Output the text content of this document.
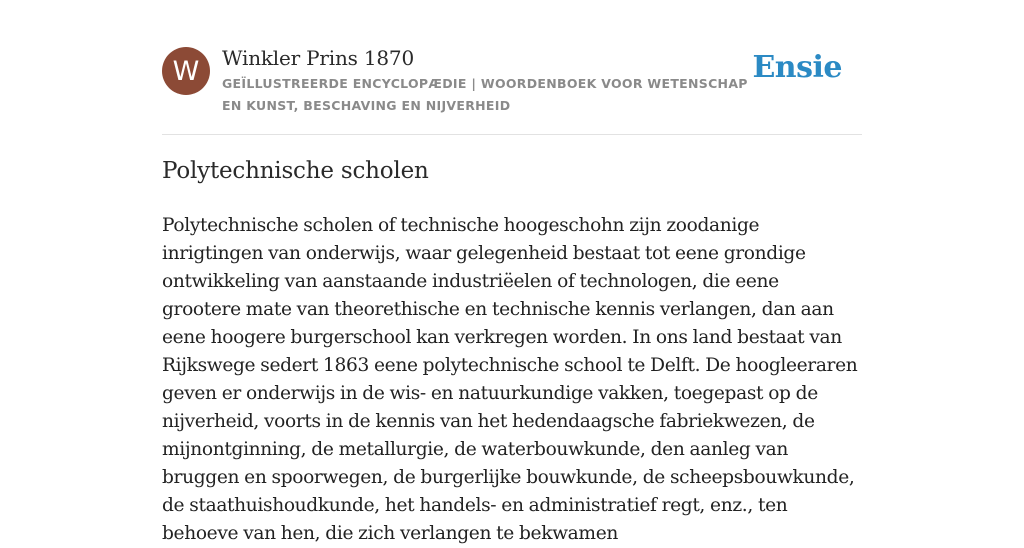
W	Winkler Prins 1870
GEÏLLUSTREERDE ENCYCLOPÆDIE | WOORDENBOEK VOOR WETENSCHAP EN KUNST, BESCHAVING EN NIJVERHEID
Ensie
Polytechnische scholen

Polytechnische scholen of technische hoogeschohn zijn zoodanige inrigtingen van onderwijs, waar gelegenheid bestaat tot eene grondige ontwikkeling van aanstaande industriëelen of technologen, die eene grootere mate van theorethische en technische kennis verlangen, dan aan eene hoogere burgerschool kan verkregen worden. In ons land bestaat van Rijkswege sedert 1863 eene polytechnische school te Delft. De hoogleeraren geven er onderwijs in de wis- en natuurkundige vakken, toegepast op de nijverheid, voorts in de kennis van het hedendaagsche fabriekwezen, de mijnontginning, de metallurgie, de waterbouwkunde, den aanleg van bruggen en spoorwegen, de burgerlijke bouwkunde, de scheepsbouwkunde, de staathuishoudkunde, het handels- en administratief regt, enz., ten behoeve van hen, die zich verlangen te bekwamen
